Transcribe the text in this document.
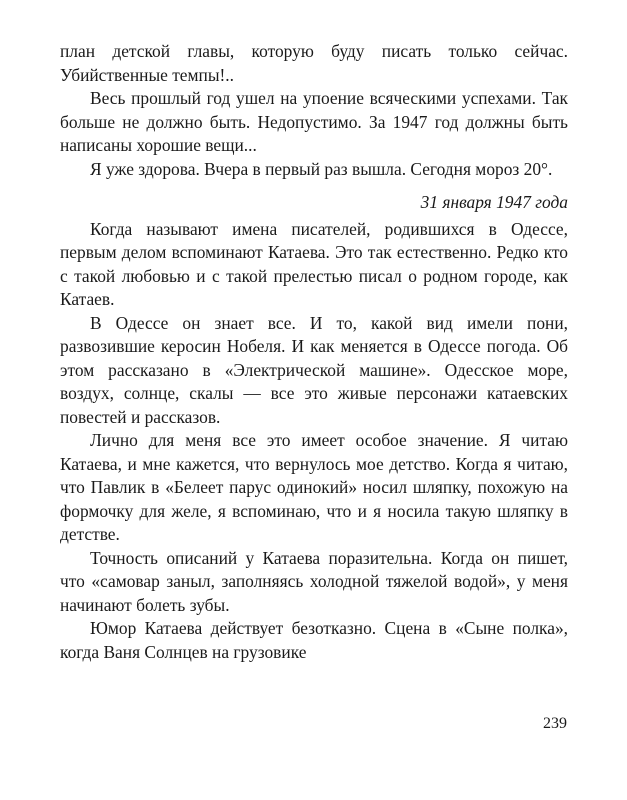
план детской главы, которую буду писать только сейчас. Убийственные темпы!..

Весь прошлый год ушел на упоение всяческими успехами. Так больше не должно быть. Недопустимо. За 1947 год должны быть написаны хорошие вещи...

Я уже здорова. Вчера в первый раз вышла. Сегодня мороз 20°.

31 января 1947 года

Когда называют имена писателей, родившихся в Одессе, первым делом вспоминают Катаева. Это так естественно. Редко кто с такой любовью и с такой прелестью писал о родном городе, как Катаев.

В Одессе он знает все. И то, какой вид имели пони, развозившие керосин Нобеля. И как меняется в Одессе погода. Об этом рассказано в «Электрической машине». Одесское море, воздух, солнце, скалы — все это живые персонажи катаевских повестей и рассказов.

Лично для меня все это имеет особое значение. Я читаю Катаева, и мне кажется, что вернулось мое детство. Когда я читаю, что Павлик в «Белеет парус одинокий» носил шляпку, похожую на формочку для желе, я вспоминаю, что и я носила такую шляпку в детстве.

Точность описаний у Катаева поразительна. Когда он пишет, что «самовар заныл, заполняясь холодной тяжелой водой», у меня начинают болеть зубы.

Юмор Катаева действует безотказно. Сцена в «Сыне полка», когда Ваня Солнцев на грузовике

239
